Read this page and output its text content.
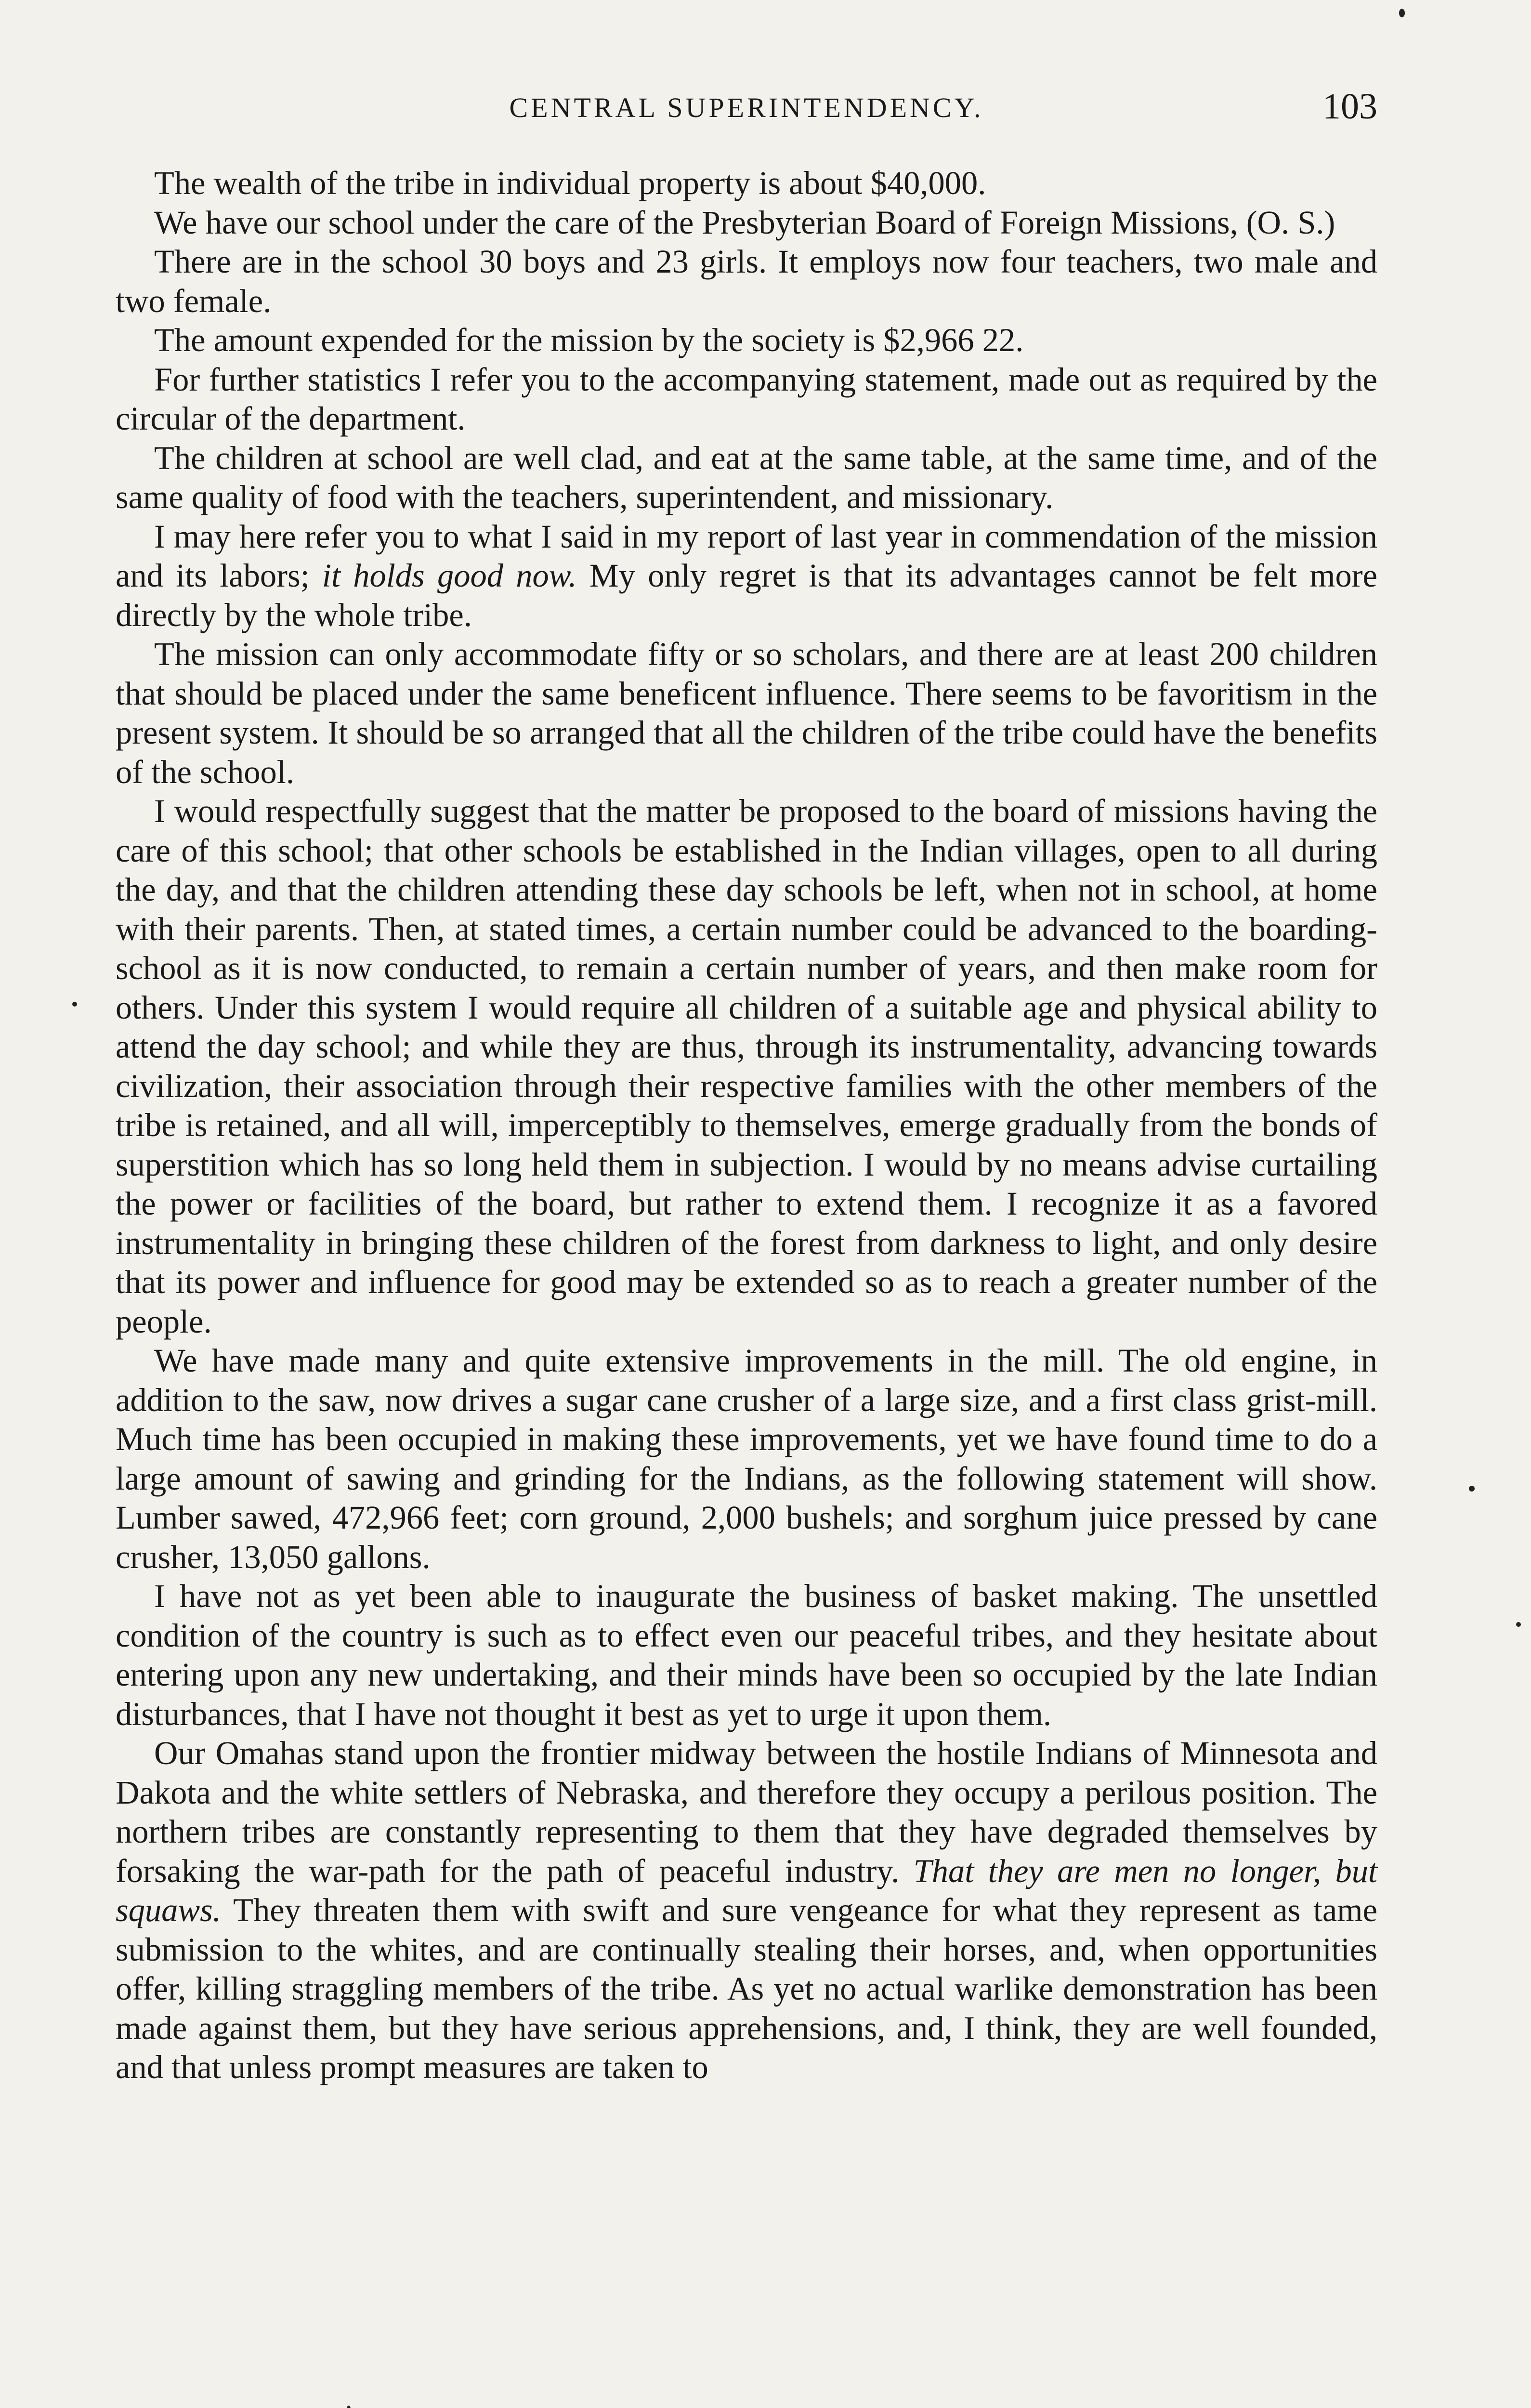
CENTRAL SUPERINTENDENCY.	103

The wealth of the tribe in individual property is about $40,000.

We have our school under the care of the Presbyterian Board of Foreign Missions, (O. S.)

There are in the school 30 boys and 23 girls. It employs now four teachers, two male and two female.

The amount expended for the mission by the society is $2,966 22.

For further statistics I refer you to the accompanying statement, made out as required by the circular of the department.

The children at school are well clad, and eat at the same table, at the same time, and of the same quality of food with the teachers, superintendent, and missionary.

I may here refer you to what I said in my report of last year in commendation of the mission and its labors; it holds good now. My only regret is that its advantages cannot be felt more directly by the whole tribe.

The mission can only accommodate fifty or so scholars, and there are at least 200 children that should be placed under the same beneficent influence. There seems to be favoritism in the present system. It should be so arranged that all the children of the tribe could have the benefits of the school.

I would respectfully suggest that the matter be proposed to the board of missions having the care of this school; that other schools be established in the Indian villages, open to all during the day, and that the children attending these day schools be left, when not in school, at home with their parents. Then, at stated times, a certain number could be advanced to the boarding-school as it is now conducted, to remain a certain number of years, and then make room for others. Under this system I would require all children of a suitable age and physical ability to attend the day school; and while they are thus, through its instrumentality, advancing towards civilization, their association through their respective families with the other members of the tribe is retained, and all will, imperceptibly to themselves, emerge gradually from the bonds of superstition which has so long held them in subjection. I would by no means advise curtailing the power or facilities of the board, but rather to extend them. I recognize it as a favored instrumentality in bringing these children of the forest from darkness to light, and only desire that its power and influence for good may be extended so as to reach a greater number of the people.

We have made many and quite extensive improvements in the mill. The old engine, in addition to the saw, now drives a sugar cane crusher of a large size, and a first class grist-mill. Much time has been occupied in making these improvements, yet we have found time to do a large amount of sawing and grinding for the Indians, as the following statement will show. Lumber sawed, 472,966 feet; corn ground, 2,000 bushels; and sorghum juice pressed by cane crusher, 13,050 gallons.

I have not as yet been able to inaugurate the business of basket making. The unsettled condition of the country is such as to effect even our peaceful tribes, and they hesitate about entering upon any new undertaking, and their minds have been so occupied by the late Indian disturbances, that I have not thought it best as yet to urge it upon them.

Our Omahas stand upon the frontier midway between the hostile Indians of Minnesota and Dakota and the white settlers of Nebraska, and therefore they occupy a perilous position. The northern tribes are constantly representing to them that they have degraded themselves by forsaking the war-path for the path of peaceful industry. That they are men no longer, but squaws. They threaten them with swift and sure vengeance for what they represent as tame submission to the whites, and are continually stealing their horses, and, when opportunities offer, killing straggling members of the tribe. As yet no actual warlike demonstration has been made against them, but they have serious apprehensions, and, I think, they are well founded, and that unless prompt measures are taken to
